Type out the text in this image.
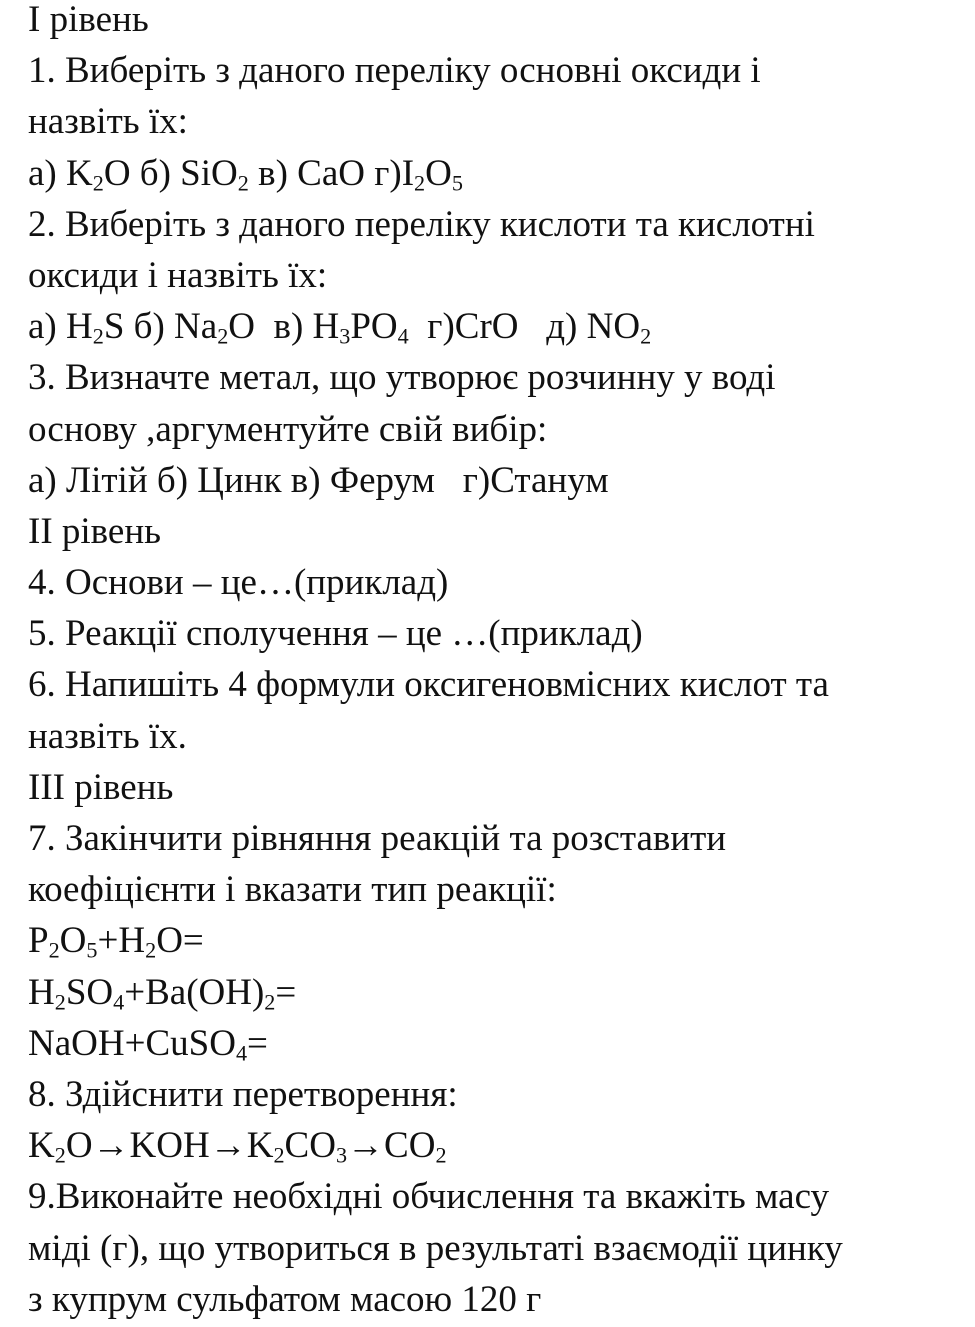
І рівень
1. Виберіть з даного переліку основні оксиди і
назвіть їх:
а) K2O б) SiO2 в) CaO г)I2O5
2. Виберіть з даного переліку кислоти та кислотні
оксиди і назвіть їх:
а) H2S б) Na2O  в) H3PO4  г)CrO   д) NO2
3. Визначте метал, що утворює розчинну у воді
основу ,аргументуйте свій вибір:
а) Літій б) Цинк в) Ферум   г)Станум
ІІ рівень
4. Основи – це…(приклад)
5. Реакції сполучення – це …(приклад)
6. Напишіть 4 формули оксигеновмісних кислот та
назвіть їх.
ІІІ рівень
7. Закінчити рівняння реакцій та розставити
коефіцієнти і вказати тип реакції:
P2O5+H2O=
H2SO4+Ba(OH)2=
NaOH+CuSO4=
8. Здійснити перетворення:
K2O→KOH→K2CO3→CO2
9.Виконайте необхідні обчислення та вкажіть масу
міді (г), що утвориться в результаті взаємодії цинку
з купрум сульфатом масою 120 г
